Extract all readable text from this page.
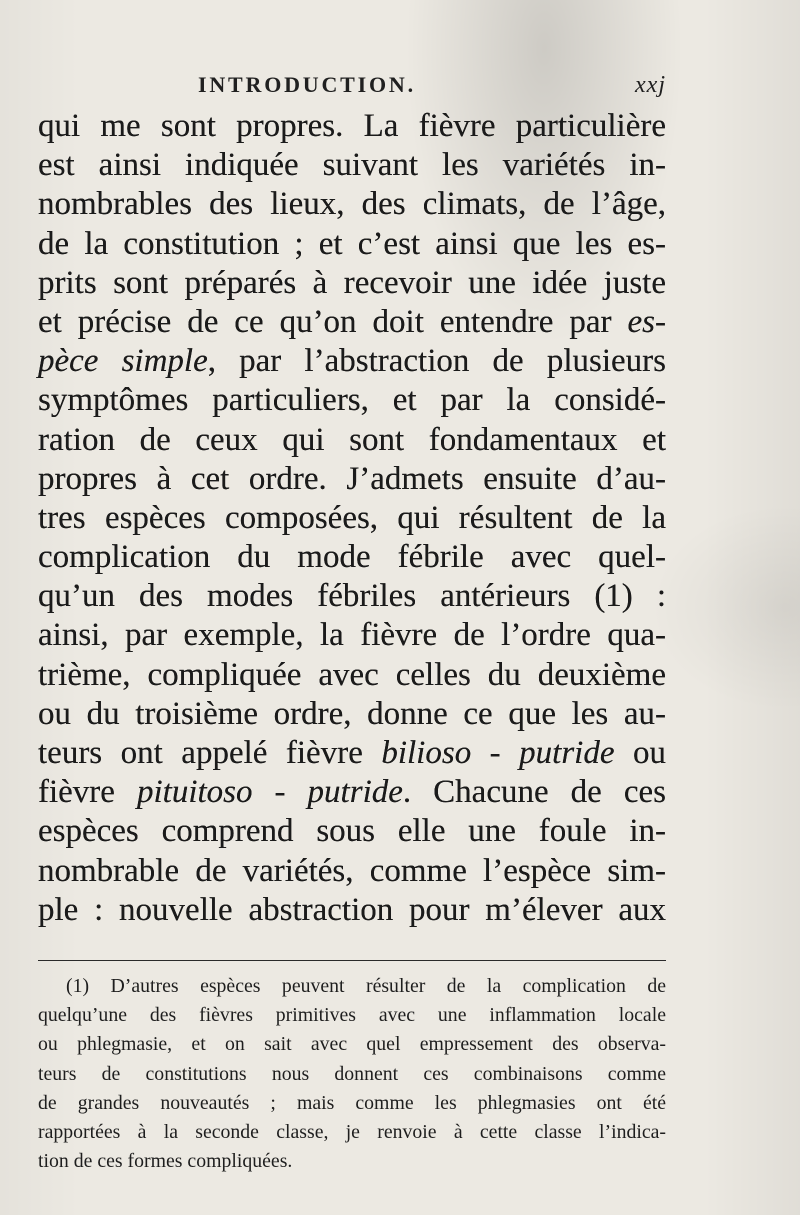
INTRODUCTION.	xxj
qui me sont propres. La fièvre particulière
est ainsi indiquée suivant les variétés in-
nombrables des lieux, des climats, de l’âge,
de la constitution ; et c’est ainsi que les es-
prits sont préparés à recevoir une idée juste
et précise de ce qu’on doit entendre par es-
pèce simple, par l’abstraction de plusieurs
symptômes particuliers, et par la considé-
ration de ceux qui sont fondamentaux et
propres à cet ordre. J’admets ensuite d’au-
tres espèces composées, qui résultent de la
complication du mode fébrile avec quel-
qu’un des modes fébriles antérieurs (1) :
ainsi, par exemple, la fièvre de l’ordre qua-
trième, compliquée avec celles du deuxième
ou du troisième ordre, donne ce que les au-
teurs ont appelé fièvre bilioso - putride ou
fièvre pituitoso - putride. Chacune de ces
espèces comprend sous elle une foule in-
nombrable de variétés, comme l’espèce sim-
ple : nouvelle abstraction pour m’élever aux
(1) D’autres espèces peuvent résulter de la complication de
quelqu’une des fièvres primitives avec une inflammation locale
ou phlegmasie, et on sait avec quel empressement des observa-
teurs de constitutions nous donnent ces combinaisons comme
de grandes nouveautés ; mais comme les phlegmasies ont été
rapportées à la seconde classe, je renvoie à cette classe l’indica-
tion de ces formes compliquées.
